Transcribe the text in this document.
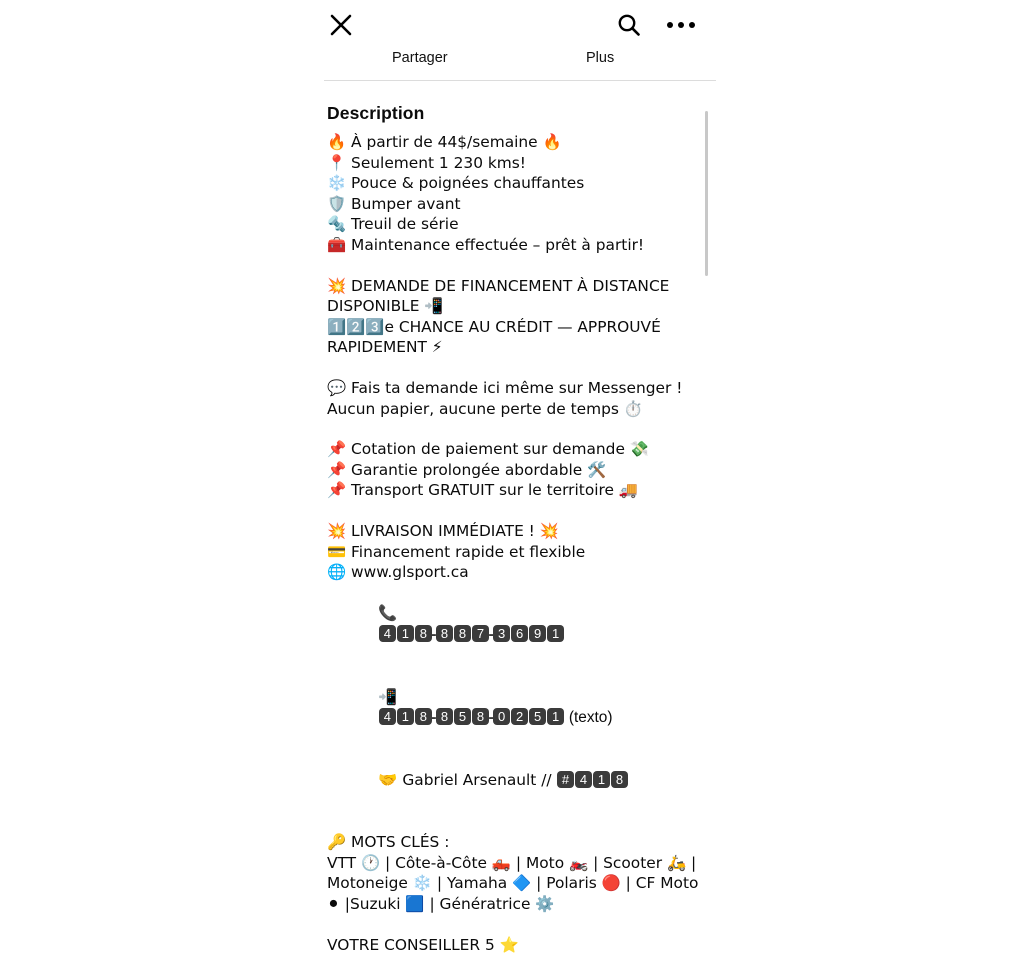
Partager	Plus
Description
🔥 À partir de 44$/semaine 🔥
📍 Seulement 1 230 kms!
❄️ Pouce & poignées chauffantes
🛡️ Bumper avant
🔩 Treuil de série
🧰 Maintenance effectuée – prêt à partir!
💥 DEMANDE DE FINANCEMENT À DISTANCE DISPONIBLE 📲
1️⃣2️⃣3️⃣e CHANCE AU CRÉDIT — APPROUVÉ RAPIDEMENT ⚡
💬 Fais ta demande ici même sur Messenger !
Aucun papier, aucune perte de temps ⏱️
📌 Cotation de paiement sur demande 💸
📌 Garantie prolongée abordable 🛠️
📌 Transport GRATUIT sur le territoire 🚚
💥 LIVRAISON IMMÉDIATE ! 💥
💳 Financement rapide et flexible
🌐 www.glsport.ca

📞
4 1 8 - 8 8 7 - 3 6 9 1

📲
4 1 8 - 8 5 8 - 0 2 5 1 (texto)

🤝 Gabriel Arsenault // # 4 1 8

🔑 MOTS CLÉS :
VTT 🕐 | Côte-à-Côte 🛻 | Moto 🏍️ | Scooter 🛵 | Motoneige ❄️ | Yamaha 🔷 | Polaris 🔴 | CF Moto ⚫ |Suzuki 🟦 | Génératrice ⚙️
VOTRE CONSEILLER 5 ⭐
